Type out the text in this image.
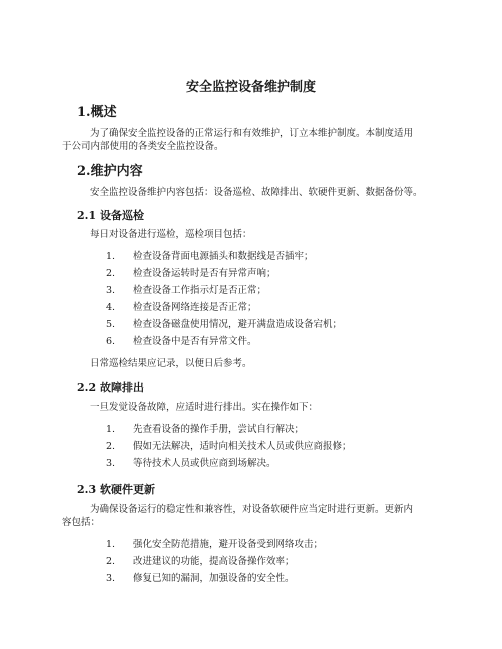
安全监控设备维护制度
1.概述
为了确保安全监控设备的正常运行和有效维护，订立本维护制度。本制度适用
于公司内部使用的各类安全监控设备。
2.维护内容
安全监控设备维护内容包括：设备巡检、故障排出、软硬件更新、数据备份等。
2.1 设备巡检
每日对设备进行巡检，巡检项目包括：
1. 检查设备背面电源插头和数据线是否插牢；
2. 检查设备运转时是否有异常声响；
3. 检查设备工作指示灯是否正常；
4. 检查设备网络连接是否正常；
5. 检查设备磁盘使用情况，避开满盘造成设备宕机；
6. 检查设备中是否有异常文件。
日常巡检结果应记录，以便日后参考。
2.2 故障排出
一旦发觉设备故障，应适时进行排出。实在操作如下：
1. 先查看设备的操作手册，尝试自行解决；
2. 假如无法解决，适时向相关技术人员或供应商报修；
3. 等待技术人员或供应商到场解决。
2.3 软硬件更新
为确保设备运行的稳定性和兼容性，对设备软硬件应当定时进行更新。更新内
容包括：
1. 强化安全防范措施，避开设备受到网络攻击；
2. 改进建议的功能，提高设备操作效率；
3. 修复已知的漏洞，加强设备的安全性。
